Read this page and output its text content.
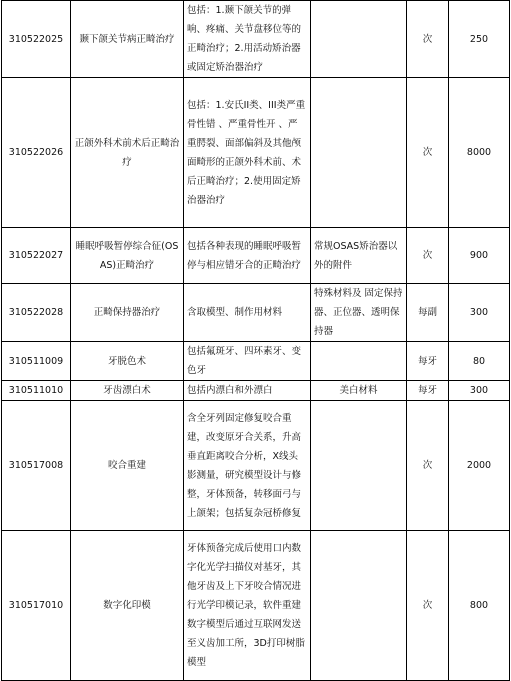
310522025	颞下颌关节病正畸治疗	包括：1.颞下颌关节的弹响、疼痛、关节盘移位等的正畸治疗；2.用活动矫治器或固定矫治器治疗		次	250
310522026	正颌外科术前术后正畸治疗	包括：1.安氏II类、III类严重骨性错 、严重骨性开 、严重腭裂、面部偏斜及其他颅面畸形的正颌外科术前、术后正畸治疗；2.使用固定矫治器治疗		次	8000
310522027	睡眠呼吸暂停综合征(OSAS)正畸治疗	包括各种表现的睡眠呼吸暂停与相应错牙合的正畸治疗	常规OSAS矫治器以外的附件	次	900
310522028	正畸保持器治疗	含取模型、制作用材料	特殊材料及 固定保持器、正位器、透明保持器	每副	300
310511009	牙脱色术	包括氟斑牙、四环素牙、变色牙		每牙	80
310511010	牙齿漂白术	包括内漂白和外漂白	美白材料	每牙	300
310517008	咬合重建	含全牙列固定修复咬合重建，改变原牙合关系，升高垂直距离咬合分析，X线头影测量，研究模型设计与修整，牙体预备，转移面弓与上颌架；包括复杂冠桥修复		次	2000
310517010	数字化印模	牙体预备完成后使用口内数字化光学扫描仪对基牙，其他牙齿及上下牙咬合情况进行光学印模记录，软件重建数字模型后通过互联网发送至义齿加工所，3D打印树脂模型		次	800
